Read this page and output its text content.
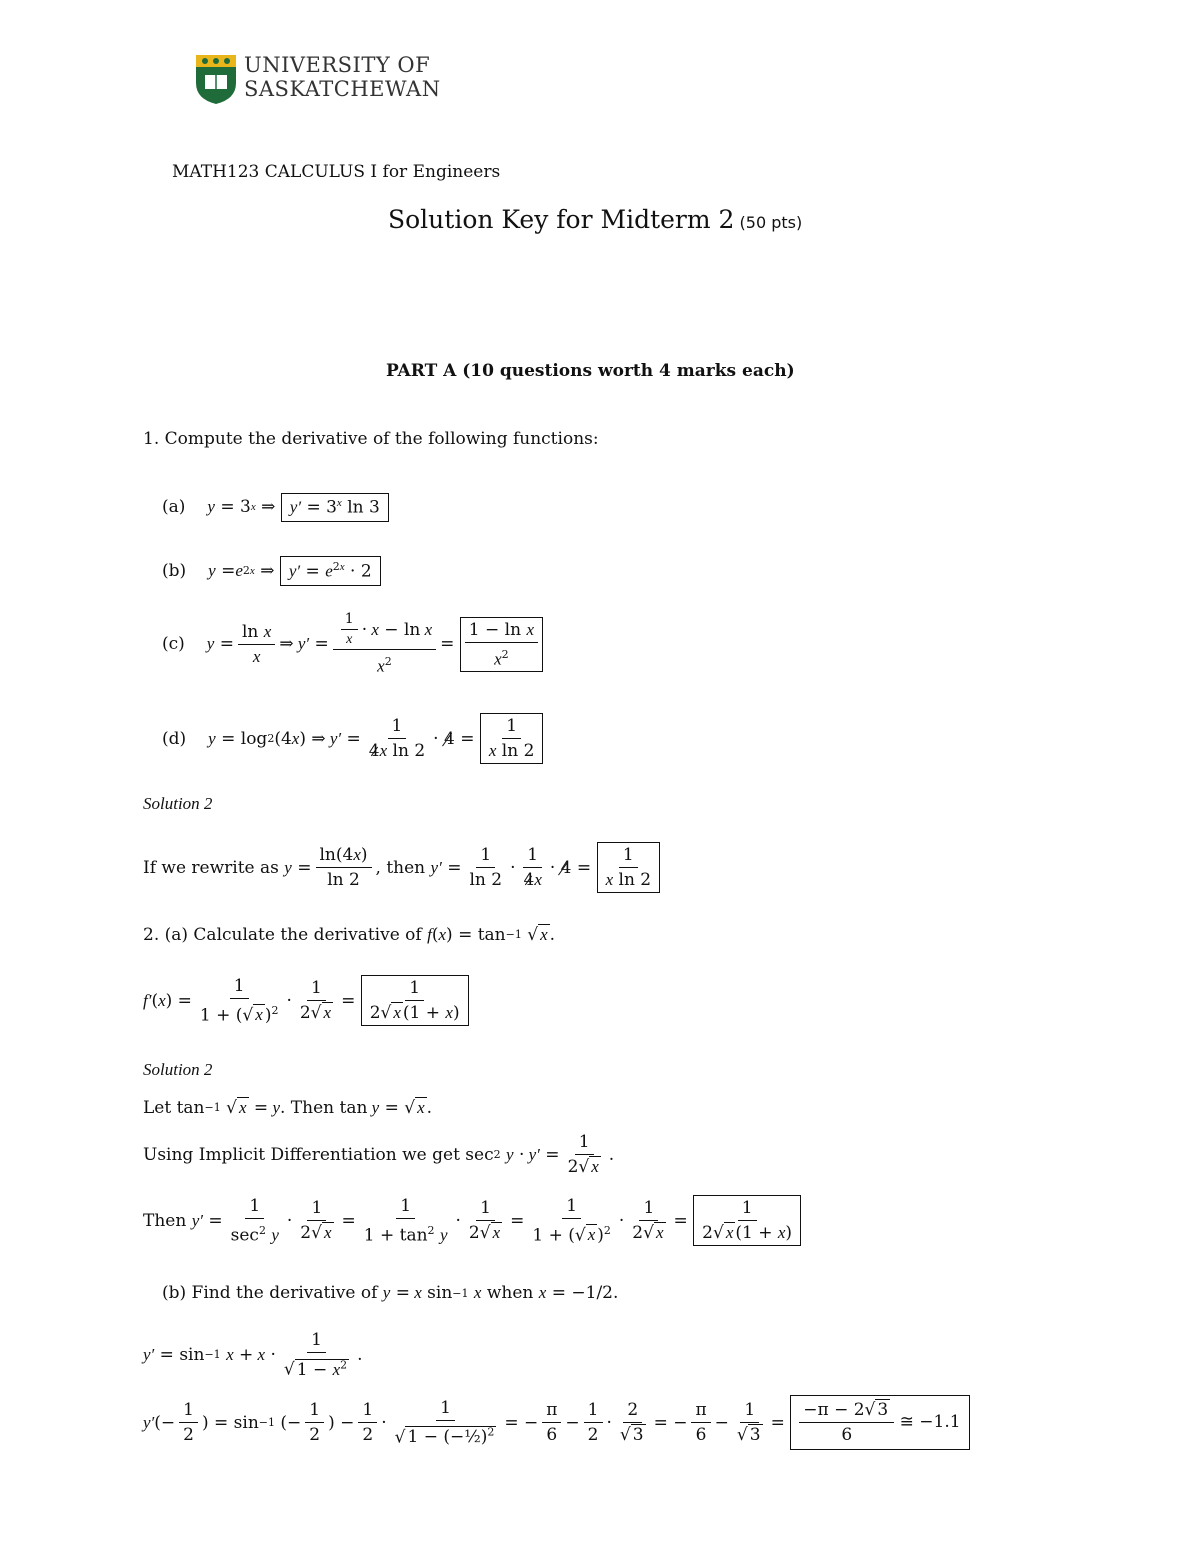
UNIVERSITY OF
SASKATCHEWAN
MATH123 CALCULUS I for Engineers
Solution Key for Midterm 2 (50 pts)
PART A (10 questions worth 4 marks each)
1. Compute the derivative of the following functions:
(a) y = 3 x ⇒ $y' = 3^x$ ln 3
(b) y = e 2x ⇒ $y' = e^{2x} \cdot 2$
(c) $y = \frac{\text{ln x}}{x}$ ⇒ $y' = \frac{\frac{1}{x} \cdot x - \ln x}{x^2} = \frac{\text{1 − ln x}}{x^2}$
(d) y = log 2 (4 x ) ⇒ $y' = \frac{1}{\text{4x ln 2}} \cdot 4 = \frac{1}{\text{x ln 2}}$
Solution 2
If we rewrite as
$y = \frac{\ln(4x)}{\ln 2}$ , then
$y' = \frac{1}{\ln 2} \cdot \frac{1}{4x} \cdot 4 = \frac{1}{\text{x ln 2}}$
2. (a) Calculate the derivative of
f ( x ) = tan −1 √ x .
f′ ( x ) = $\frac{1}{1 + (√ x )^2} \cdot \frac{1}{2√ x} = \frac{1}{2√ x (1 + x)}$
Solution 2
Let tan −1 √ x = y . Then tan y = √ x .
Using Implicit Differentiation we get sec 2
$y \cdot y' = \frac{1}{2√ x}$ .
Then
$y' = \frac{1}{\sec^2 y} \cdot \frac{1}{2√ x} = \frac{1}{1 + \tan^2 y} \cdot \frac{1}{2√ x} = \frac{1}{1 + (√ x )^2} \cdot \frac{1}{2√ x} = \frac{1}{2√ x (1 + x)}$
(b) Find the derivative of
y = x sin −1
x
when
x = −1/2.
y′ = sin −1
$x + x \cdot \frac{1}{√ 1 - x^2}$ .
y′ (− $\frac{1}{2}$ ) = sin −1 (− $\frac{1}{2}$ ) − $\frac{1}{2} \cdot \frac{1}{√ 1 - (-\frac{1}{2})^2}$ = − $\frac{\pi}{6} - \frac{1}{2} \cdot \frac{2}{√ 3}$ = − $\frac{\pi}{6} - \frac{1}{√ 3} = \frac{-\pi - 2√ 3}{6}$ ≅ −1.1
